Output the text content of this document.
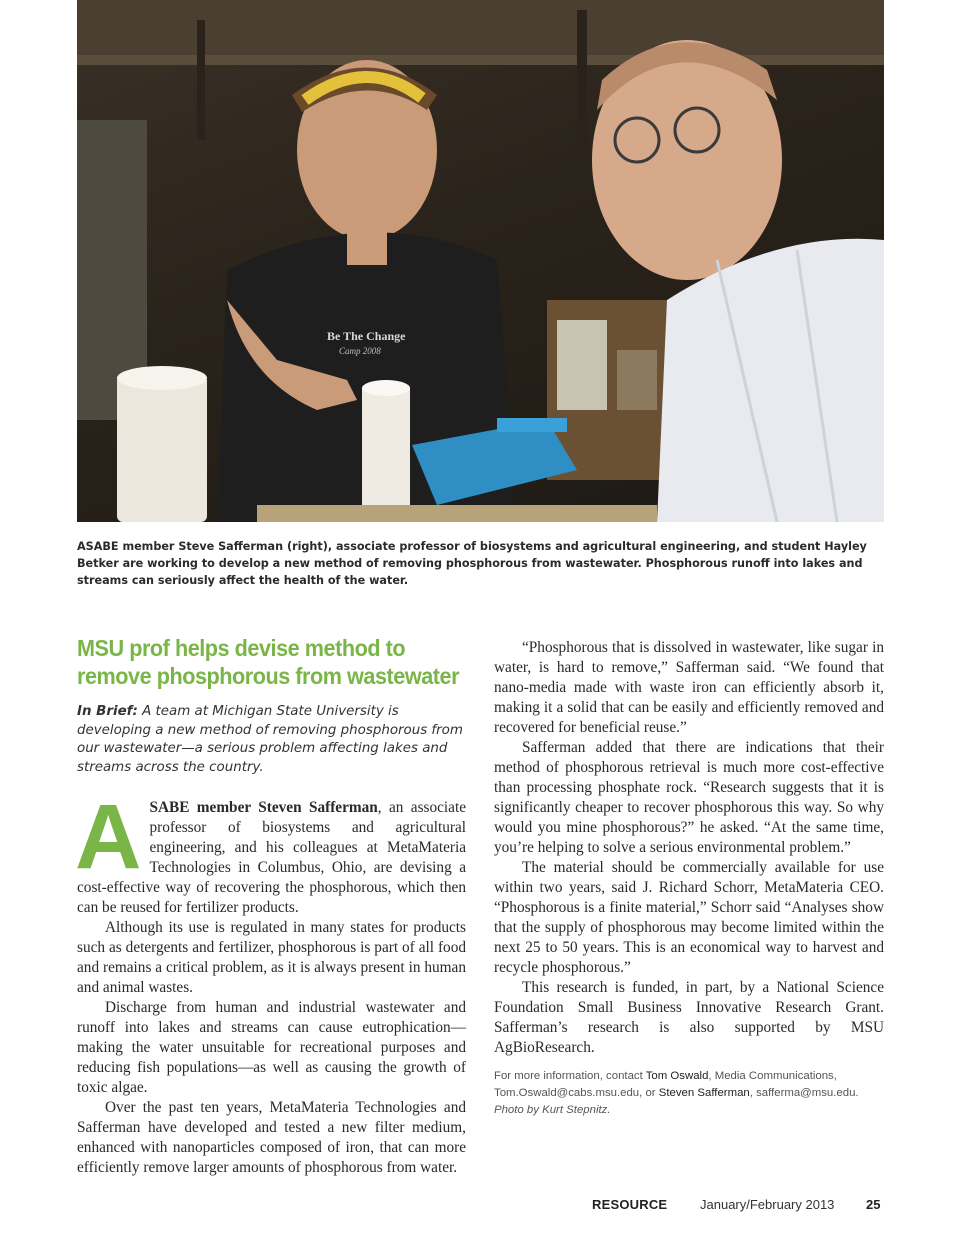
Be The Change
Camp 2008
ASABE member Steve Safferman (right), associate professor of biosystems and agricultural engineering, and student Hayley Betker are working to develop a new method of removing phosphorous from wastewater. Phosphorous runoff into lakes and streams can seriously affect the health of the water.
MSU prof helps devise method to remove phosphorous from wastewater

In Brief: A team at Michigan State University is developing a new method of removing phosphorous from our wastewater—a serious problem affecting lakes and streams across the country.

ASABE member Steven Safferman, an associate professor of biosystems and agricultural engineering, and his colleagues at MetaMateria Technologies in Columbus, Ohio, are devising a cost-effective way of recovering the phosphorous, which then can be reused for fertilizer products.

Although its use is regulated in many states for products such as detergents and fertilizer, phosphorous is part of all food and remains a critical problem, as it is always present in human and animal wastes.

Discharge from human and industrial wastewater and runoff into lakes and streams can cause eutrophication—making the water unsuitable for recreational purposes and reducing fish populations—as well as causing the growth of toxic algae.

Over the past ten years, MetaMateria Technologies and Safferman have developed and tested a new filter medium, enhanced with nanoparticles composed of iron, that can more efficiently remove larger amounts of phosphorous from water.

“Phosphorous that is dissolved in wastewater, like sugar in water, is hard to remove,” Safferman said. “We found that nano-media made with waste iron can efficiently absorb it, making it a solid that can be easily and efficiently removed and recovered for beneficial reuse.”

Safferman added that there are indications that their method of phosphorous retrieval is much more cost-effective than processing phosphate rock. “Research suggests that it is significantly cheaper to recover phosphorous this way. So why would you mine phosphorous?” he asked. “At the same time, you’re helping to solve a serious environmental problem.”

The material should be commercially available for use within two years, said J. Richard Schorr, MetaMateria CEO. “Phosphorous is a finite material,” Schorr said “Analyses show that the supply of phosphorous may become limited within the next 25 to 50 years. This is an economical way to harvest and recycle phosphorous.”

This research is funded, in part, by a National Science Foundation Small Business Innovative Research Grant. Safferman’s research is also supported by MSU AgBioResearch.

For more information, contact Tom Oswald, Media Communications, Tom.Oswald@cabs.msu.edu, or Steven Safferman, safferma@msu.edu. Photo by Kurt Stepnitz.
RESOURCE	January/February 2013 25
